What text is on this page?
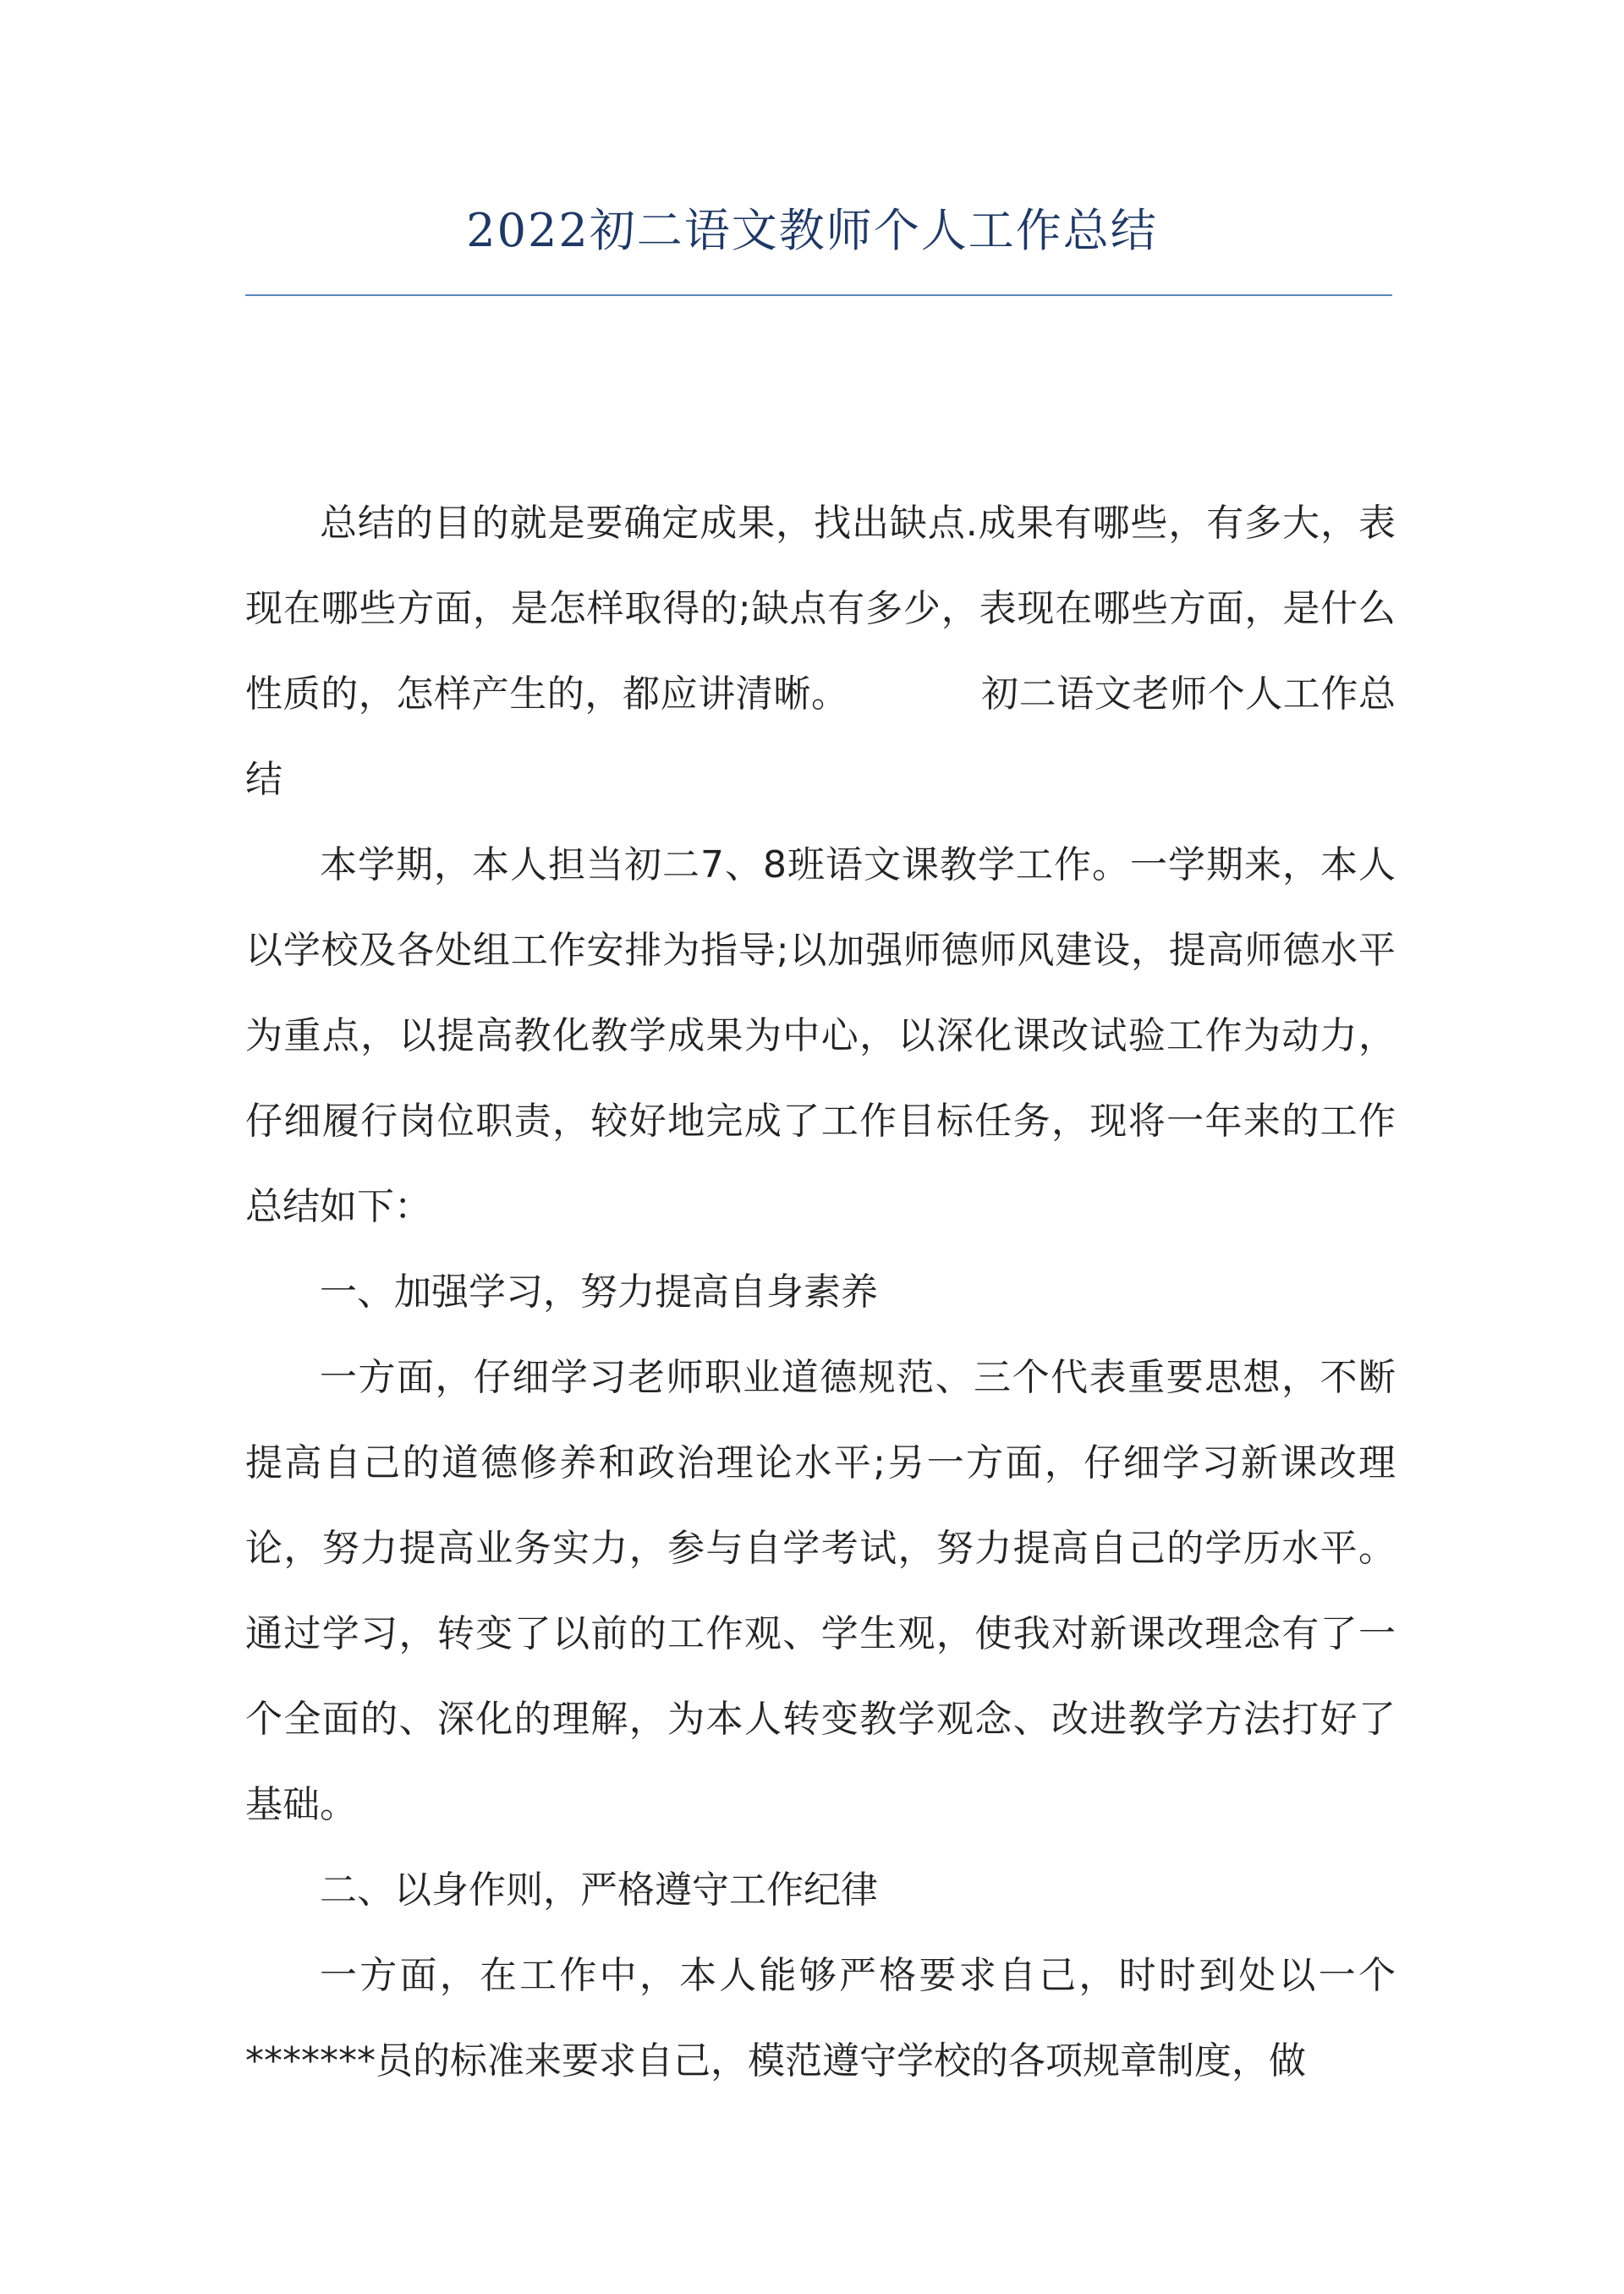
2022初二语文教师个人工作总结

总结的目的就是要确定成果，找出缺点.成果有哪些，有多大，表现在哪些方面，是怎样取得的;缺点有多少，表现在哪些方面，是什么性质的，怎样产生的，都应讲清晰。　　　　初二语文老师个人工作总结

本学期，本人担当初二7、8班语文课教学工作。一学期来，本人以学校及各处组工作安排为指导;以加强师德师风建设，提高师德水平为重点，以提高教化教学成果为中心，以深化课改试验工作为动力，仔细履行岗位职责，较好地完成了工作目标任务，现将一年来的工作总结如下：

一、加强学习，努力提高自身素养

一方面，仔细学习老师职业道德规范、三个代表重要思想，不断提高自己的道德修养和政治理论水平;另一方面，仔细学习新课改理论，努力提高业务实力，参与自学考试，努力提高自己的学历水平。通过学习，转变了以前的工作观、学生观，使我对新课改理念有了一个全面的、深化的理解，为本人转变教学观念、改进教学方法打好了基础。

二、以身作则，严格遵守工作纪律

一方面，在工作中，本人能够严格要求自己，时时到处以一个*******员的标准来要求自己，模范遵守学校的各项规章制度，做
